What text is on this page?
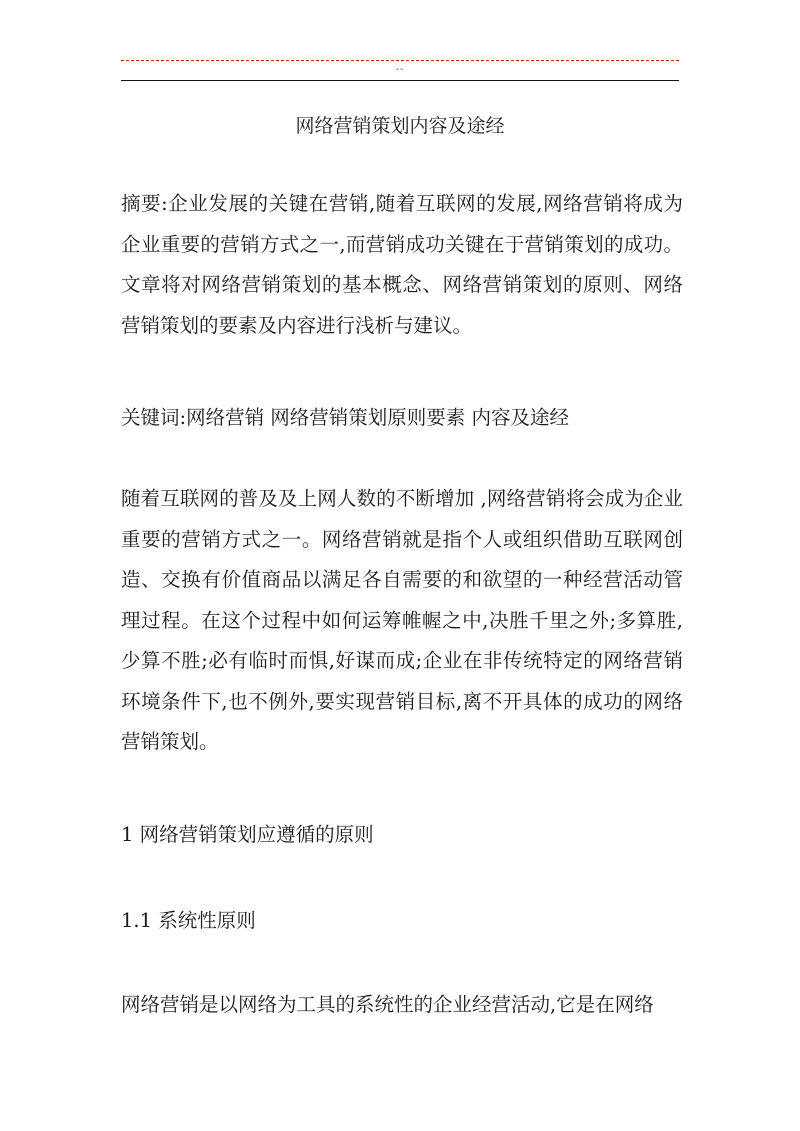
--
网络营销策划内容及途经
摘要:企业发展的关键在营销,随着互联网的发展,网络营销将成为企业重要的营销方式之一,而营销成功关键在于营销策划的成功。文章将对网络营销策划的基本概念、网络营销策划的原则、网络营销策划的要素及内容进行浅析与建议。
关键词:网络营销 网络营销策划原则要素 内容及途经
随着互联网的普及及上网人数的不断增加 ,网络营销将会成为企业重要的营销方式之一。网络营销就是指个人或组织借助互联网创造、交换有价值商品以满足各自需要的和欲望的一种经营活动管理过程。在这个过程中如何运筹帷幄之中,决胜千里之外;多算胜,少算不胜;必有临时而惧,好谋而成;企业在非传统特定的网络营销环境条件下,也不例外,要实现营销目标,离不开具体的成功的网络营销策划。
1 网络营销策划应遵循的原则
1.1 系统性原则
网络营销是以网络为工具的系统性的企业经营活动,它是在网络
